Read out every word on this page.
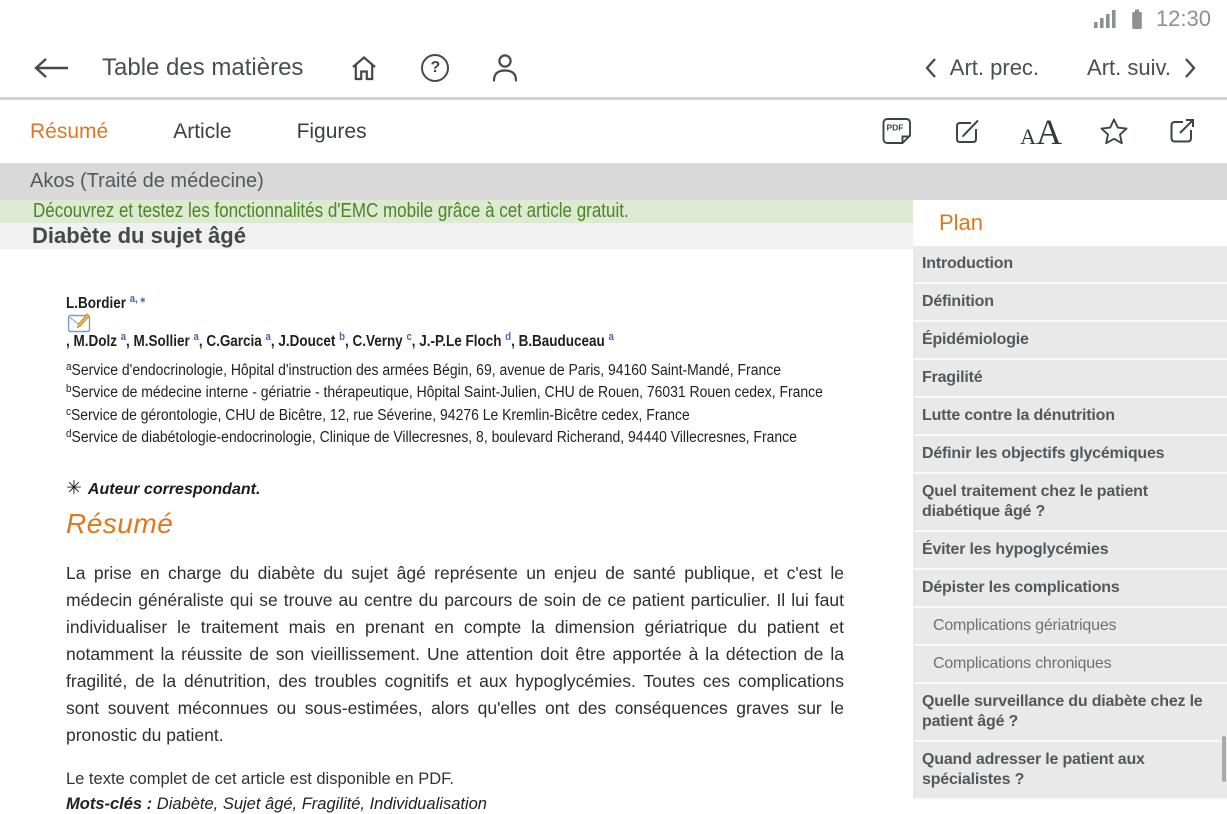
12:30
Table des matières	?	Art. prec. Art. suiv.
Résumé	Article	Figures	PDF	AA
Akos (Traité de médecine)
Découvrez et testez les fonctionnalités d'EMC mobile grâce à cet article gratuit.
Diabète du sujet âgé
L.Bordier $^{a, ⁎}$
, M.Dolz $^a$, M.Sollier $^a$, C.Garcia $^a$, J.Doucet $^b$, C.Verny $^c$, J.-P.Le Floch $^d$, B.Bauduceau $^a$
$^a$Service d'endocrinologie, Hôpital d'instruction des armées Bégin, 69, avenue de Paris, 94160 Saint-Mandé, France
$^b$Service de médecine interne - gériatrie - thérapeutique, Hôpital Saint-Julien, CHU de Rouen, 76031 Rouen cedex, France
$^c$Service de gérontologie, CHU de Bicêtre, 12, rue Séverine, 94276 Le Kremlin-Bicêtre cedex, France
$^d$Service de diabétologie-endocrinologie, Clinique de Villecresnes, 8, boulevard Richerand, 94440 Villecresnes, France
✳ Auteur correspondant.
Résumé
La prise en charge du diabète du sujet âgé représente un enjeu de santé publique, et c'est le médecin généraliste qui se trouve au centre du parcours de soin de ce patient particulier. Il lui faut individualiser le traitement mais en prenant en compte la dimension gériatrique du patient et notamment la réussite de son vieillissement. Une attention doit être apportée à la détection de la fragilité, de la dénutrition, des troubles cognitifs et aux hypoglycémies. Toutes ces complications sont souvent méconnues ou sous-estimées, alors qu'elles ont des conséquences graves sur le pronostic du patient.
Le texte complet de cet article est disponible en PDF.
Mots-clés : Diabète, Sujet âgé, Fragilité, Individualisation
Plan
Introduction
Définition
Épidémiologie
Fragilité
Lutte contre la dénutrition
Définir les objectifs glycémiques
Quel traitement chez le patient diabétique âgé ?
Éviter les hypoglycémies
Dépister les complications
Complications gériatriques
Complications chroniques
Quelle surveillance du diabète chez le patient âgé ?
Quand adresser le patient aux spécialistes ?
